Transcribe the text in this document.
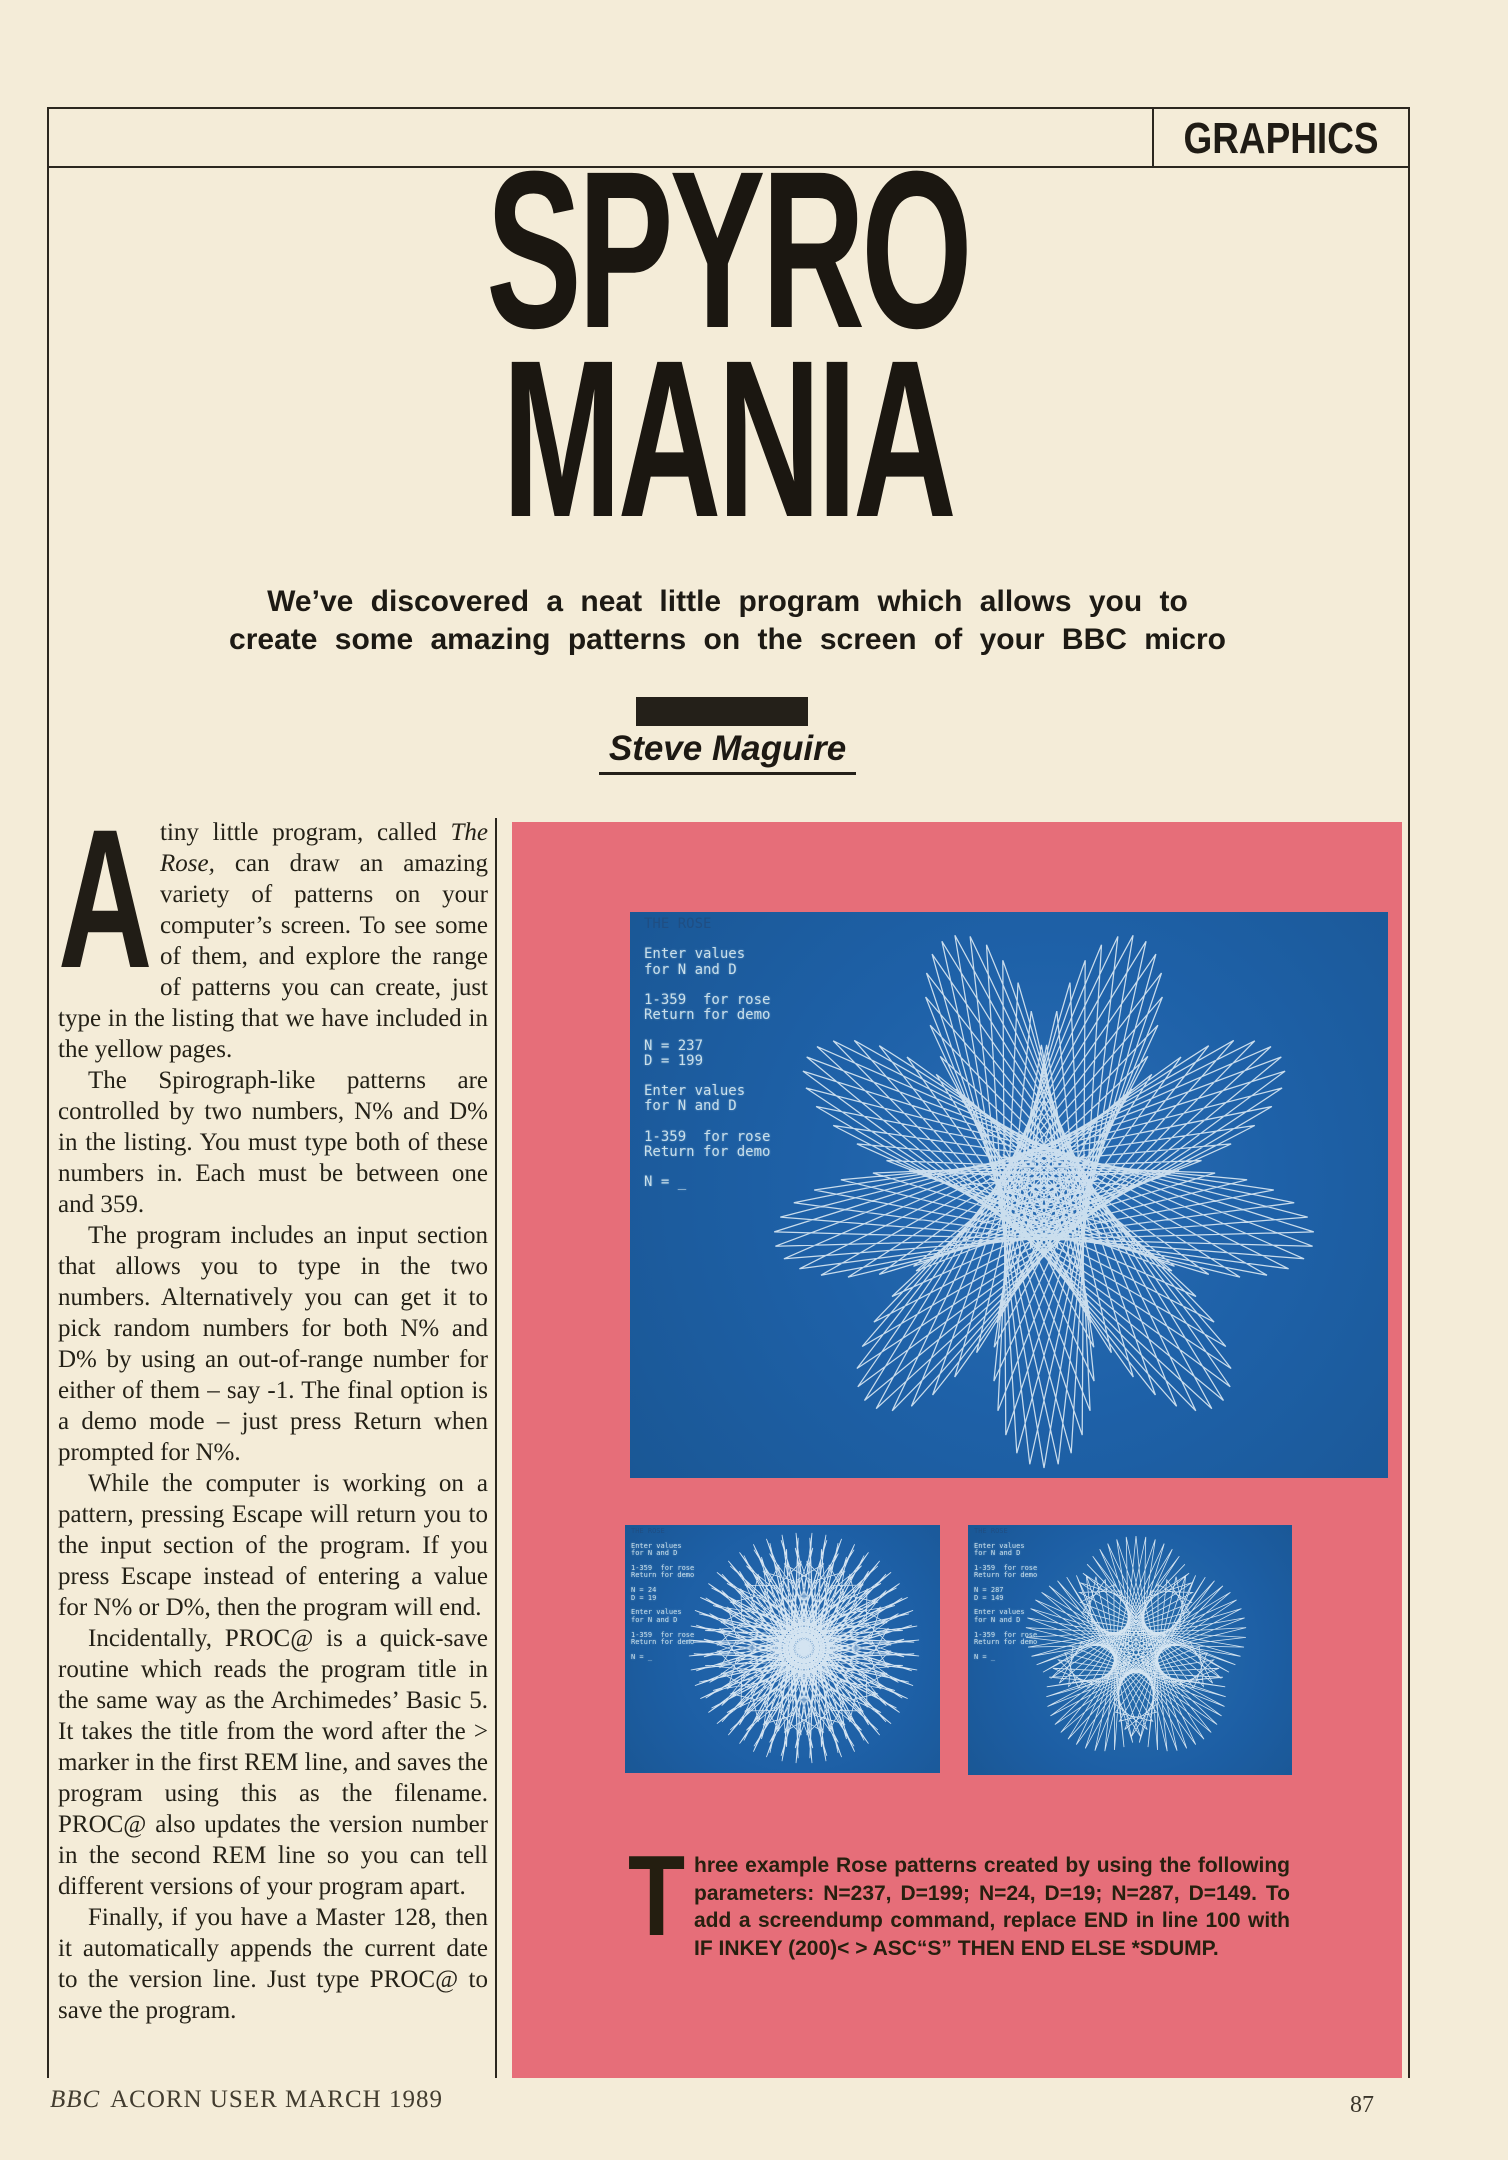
GRAPHICS
SPYRO
MANIA

We’ve discovered a neat little program which allows you to
create some amazing patterns on the screen of your BBC micro

Steve Maguire

Atiny little program, called The Rose, can draw an amazing variety of patterns on your computer’s screen. To see some of them, and explore the range of patterns you can create, just type in the listing that we have included in the yellow pages.

The Spirograph-like patterns are controlled by two numbers, N% and D% in the listing. You must type both of these numbers in. Each must be between one and 359.

The program includes an input section that allows you to type in the two numbers. Alternatively you can get it to pick random numbers for both N% and D% by using an out-of-range number for either of them – say -1. The final option is a demo mode – just press Return when prompted for N%.

While the computer is working on a pattern, pressing Escape will return you to the input section of the program. If you press Escape instead of entering a value for N% or D%, then the program will end.

Incidentally, PROC@ is a quick-save routine which reads the program title in the same way as the Archimedes’ Basic 5. It takes the title from the word after the > marker in the first REM line, and saves the program using this as the filename. PROC@ also updates the version number in the second REM line so you can tell different versions of your program apart.

Finally, if you have a Master 128, then it automatically appends the current date to the version line. Just type PROC@ to save the program.

THE ROSE

Enter values
for N and D

1-359  for rose
Return for demo

N = 237
D = 199

Enter values
for N and D

1-359  for rose
Return for demo

N = _
THE ROSE

Enter values
for N and D

1-359  for rose
Return for demo

N = 24
D = 19

Enter values
for N and D

1-359  for rose
Return for demo

N = _
THE ROSE

Enter values
for N and D

1-359  for rose
Return for demo

N = 287
D = 149

Enter values
for N and D

1-359  for rose
Return for demo

N = _

Three example Rose patterns created by using the following parameters: N=237, D=199; N=24, D=19; N=287, D=149. To add a screendump command, replace END in line 100 with IF INKEY (200)< > ASC“S” THEN END ELSE *SDUMP.

BBC ACORN USER MARCH 1989	87
